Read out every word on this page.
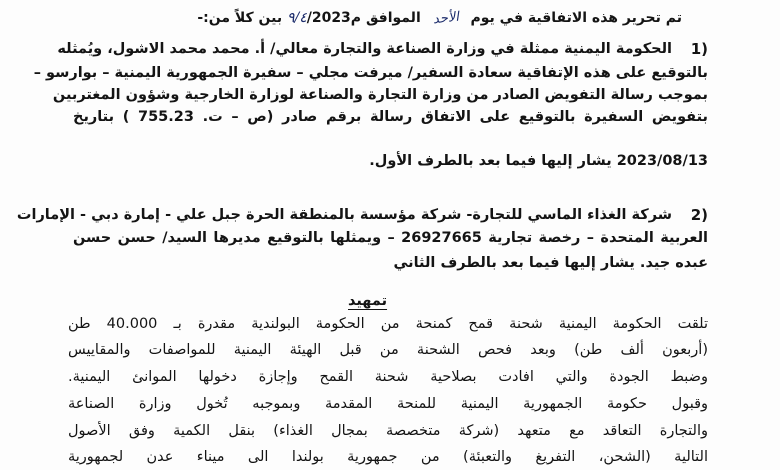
تم تحرير هذه الاتفاقية في يوم الأحد الموافق ٩/٤/2023م بين كلاً من:-
1)
الحكومة اليمنية ممثلة في وزارة الصناعة والتجارة معالي/ أ. محمد محمد الاشول، ويُمثله
بالتوقيع على هذه الإتفاقية سعادة السفير/ ميرفت مجلي – سفيرة الجمهورية اليمنية – بوارسو –
بموجب رسالة التفويض الصادر من وزارة التجارة والصناعة لوزارة الخارجية وشؤون المغتربين
بتفويض السفيرة بالتوقيع على الاتفاق رسالة برقم صادر (ص – ت. 755.23 ) بتاريخ
2023/08/13 يشار إليها فيما بعد بالطرف الأول.
2)
شركة الغذاء الماسي للتجارة- شركة مؤسسة بالمنطقة الحرة جبل علي - إمارة دبي - الإمارات
العربية المتحدة – رخصة تجارية 26927665 – ويمثلها بالتوقيع مديرها السيد/ حسن حسن
عبده جيد. يشار إليها فيما بعد بالطرف الثاني
تمهيد
تلقت الحكومة اليمنية شحنة قمح كمنحة من الحكومة البولندية مقدرة بـ 40.000 طن
(أربعون ألف طن) وبعد فحص الشحنة من قبل الهيئة اليمنية للمواصفات والمقاييس
وضبط الجودة والتي افادت بصلاحية شحنة القمح وإجازة دخولها الموانئ اليمنية.
وقبول حكومة الجمهورية اليمنية للمنحة المقدمة وبموجبه تُخول وزارة الصناعة
والتجارة التعاقد مع متعهد (شركة متخصصة بمجال الغذاء) بنقل الكمية وفق الأصول
التالية (الشحن، التفريغ والتعبئة) من جمهورية بولندا الى ميناء عدن لجمهورية
